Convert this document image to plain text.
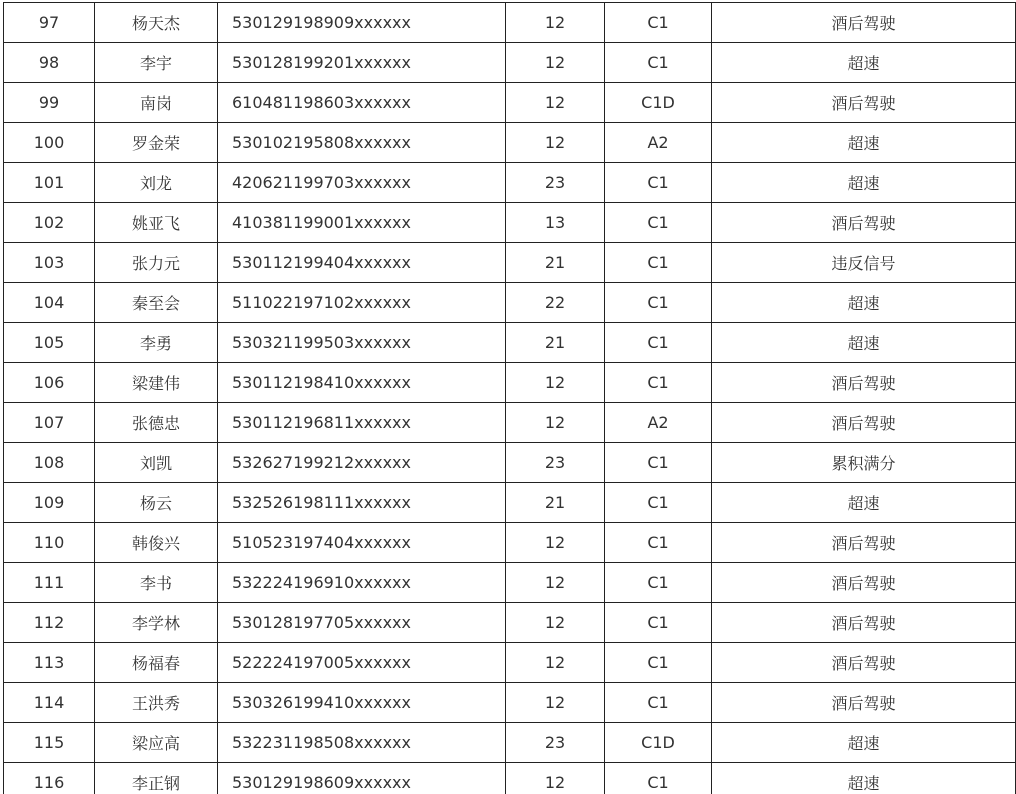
97	杨天杰	530129198909xxxxxx	12	C1	酒后驾驶
98	李宇	530128199201xxxxxx	12	C1	超速
99	南岗	610481198603xxxxxx	12	C1D	酒后驾驶
100	罗金荣	530102195808xxxxxx	12	A2	超速
101	刘龙	420621199703xxxxxx	23	C1	超速
102	姚亚飞	410381199001xxxxxx	13	C1	酒后驾驶
103	张力元	530112199404xxxxxx	21	C1	违反信号
104	秦至会	511022197102xxxxxx	22	C1	超速
105	李勇	530321199503xxxxxx	21	C1	超速
106	梁建伟	530112198410xxxxxx	12	C1	酒后驾驶
107	张德忠	530112196811xxxxxx	12	A2	酒后驾驶
108	刘凯	532627199212xxxxxx	23	C1	累积满分
109	杨云	532526198111xxxxxx	21	C1	超速
110	韩俊兴	510523197404xxxxxx	12	C1	酒后驾驶
111	李书	532224196910xxxxxx	12	C1	酒后驾驶
112	李学林	530128197705xxxxxx	12	C1	酒后驾驶
113	杨福春	522224197005xxxxxx	12	C1	酒后驾驶
114	王洪秀	530326199410xxxxxx	12	C1	酒后驾驶
115	梁应高	532231198508xxxxxx	23	C1D	超速
116	李正钢	530129198609xxxxxx	12	C1	超速
